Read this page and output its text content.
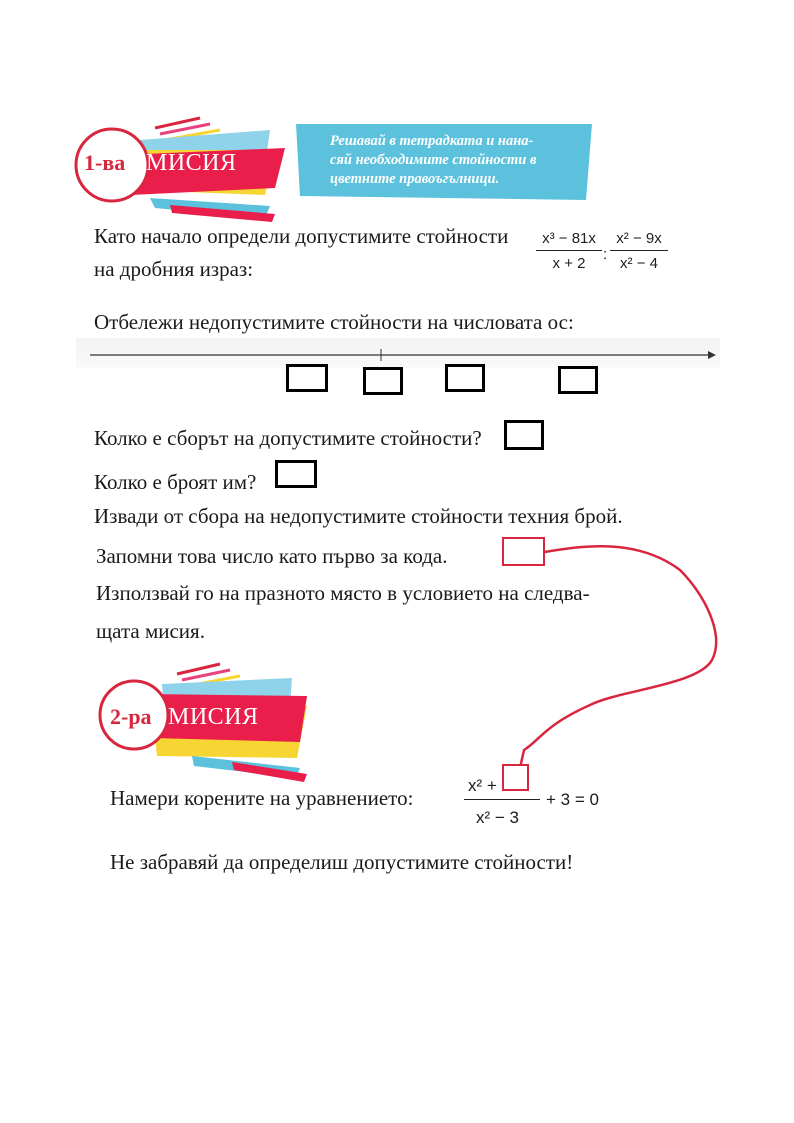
1-ва МИСИЯ
Решавай в тетрадката и нана-
сяй необходимите стойности в
цветните правоъгълници.
Като начало определи допустимите стойности
на дробния израз:
x³ − 81x
x + 2
:
x² − 9x
x² − 4
Отбележи недопустимите стойности на числовата ос:
Колко е сборът на допустимите стойности?
Колко е броят им?
Извади от сбора на недопустимите стойности техния брой.
Запомни това число като първо за кода.
Използвай го на празното място в условието на следва-
щата мисия.
2-ра МИСИЯ
Намери корените на уравнението:
x² +
x² − 3
+ 3 = 0
Не забравяй да определиш допустимите стойности!
